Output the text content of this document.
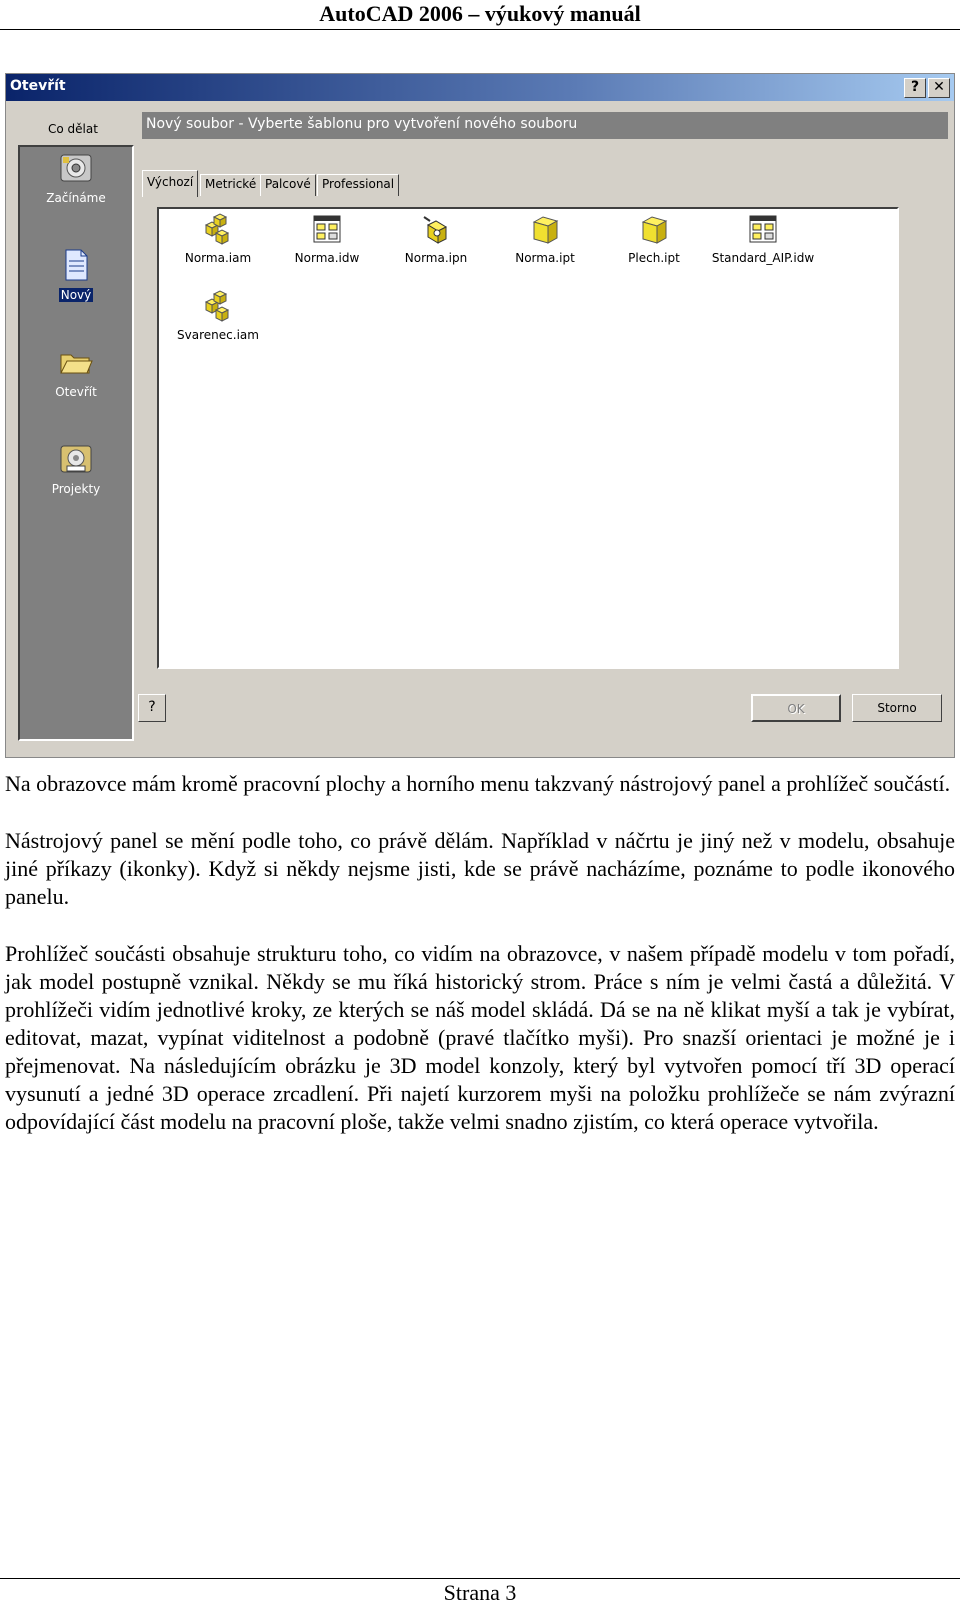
AutoCAD 2006 – výukový manuál
Otevřít	?	✕
Co dělat
Začínáme
Nový
Otevřít
Projekty
Nový soubor - Vyberte šablonu pro vytvoření nového souboru
Výchozí Metrické Palcové Professional
Norma.iam	Norma.idw	Norma.ipn	Norma.ipt	Plech.ipt	Standard_AIP.idw
Svarenec.iam
?	OK	Storno

Na obrazovce mám kromě pracovní plochy a horního menu takzvaný nástrojový panel a prohlížeč součástí.

Nástrojový panel se mění podle toho, co právě dělám. Například v náčrtu je jiný než v modelu, obsahuje jiné příkazy (ikonky). Když si někdy nejsme jisti, kde se právě nacházíme, poznáme to podle ikonového panelu.

Prohlížeč součásti obsahuje strukturu toho, co vidím na obrazovce, v našem případě modelu v tom pořadí, jak model postupně vznikal. Někdy se mu říká historický strom. Práce s ním je velmi častá a důležitá. V prohlížeči vidím jednotlivé kroky, ze kterých se náš model skládá. Dá se na ně klikat myší a tak je vybírat, editovat, mazat, vypínat viditelnost a podobně (pravé tlačítko myši). Pro snazší orientaci je možné je i přejmenovat. Na následujícím obrázku je 3D model konzoly, který byl vytvořen pomocí tří 3D operací vysunutí a jedné 3D operace zrcadlení. Při najetí kurzorem myši na položku prohlížeče se nám zvýrazní odpovídající část modelu na pracovní ploše, takže velmi snadno zjistím, co která operace vytvořila.

Strana 3
